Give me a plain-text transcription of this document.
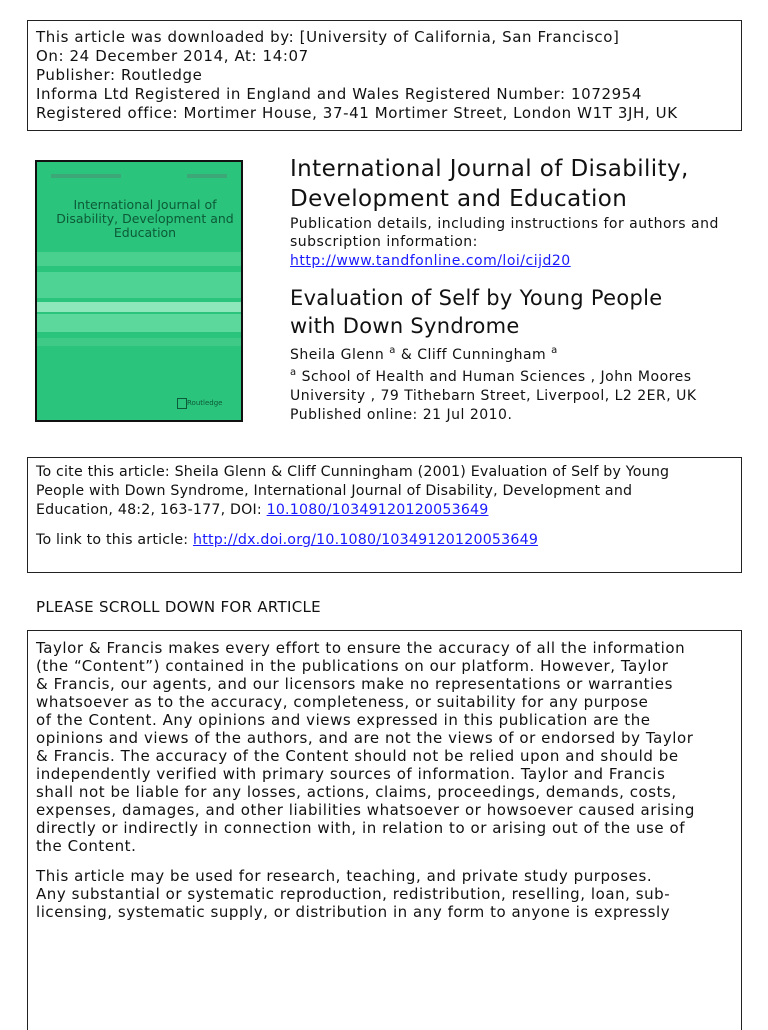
This article was downloaded by: [University of California, San Francisco]
On: 24 December 2014, At: 14:07
Publisher: Routledge
Informa Ltd Registered in England and Wales Registered Number: 1072954
Registered office: Mortimer House, 37-41 Mortimer Street, London W1T 3JH, UK
International Journal of Disability, Development and Education
Routledge
International Journal of Disability,
Development and Education
Publication details, including instructions for authors and
subscription information:
http://www.tandfonline.com/loi/cijd20
Evaluation of Self by Young People
with Down Syndrome
Sheila Glenn $^a$ & Cliff Cunningham $^a$
$^a$ School of Health and Human Sciences , John Moores
University , 79 Tithebarn Street, Liverpool, L2 2ER, UK
Published online: 21 Jul 2010.
To cite this article: Sheila Glenn & Cliff Cunningham (2001) Evaluation of Self by Young
People with Down Syndrome, International Journal of Disability, Development and
Education, 48:2, 163-177, DOI: 10.1080/10349120120053649
To link to this article: http://dx.doi.org/10.1080/10349120120053649
PLEASE SCROLL DOWN FOR ARTICLE
Taylor & Francis makes every effort to ensure the accuracy of all the information
(the “Content”) contained in the publications on our platform. However, Taylor
& Francis, our agents, and our licensors make no representations or warranties
whatsoever as to the accuracy, completeness, or suitability for any purpose
of the Content. Any opinions and views expressed in this publication are the
opinions and views of the authors, and are not the views of or endorsed by Taylor
& Francis. The accuracy of the Content should not be relied upon and should be
independently verified with primary sources of information. Taylor and Francis
shall not be liable for any losses, actions, claims, proceedings, demands, costs,
expenses, damages, and other liabilities whatsoever or howsoever caused arising
directly or indirectly in connection with, in relation to or arising out of the use of
the Content.
This article may be used for research, teaching, and private study purposes.
Any substantial or systematic reproduction, redistribution, reselling, loan, sub-
licensing, systematic supply, or distribution in any form to anyone is expressly
